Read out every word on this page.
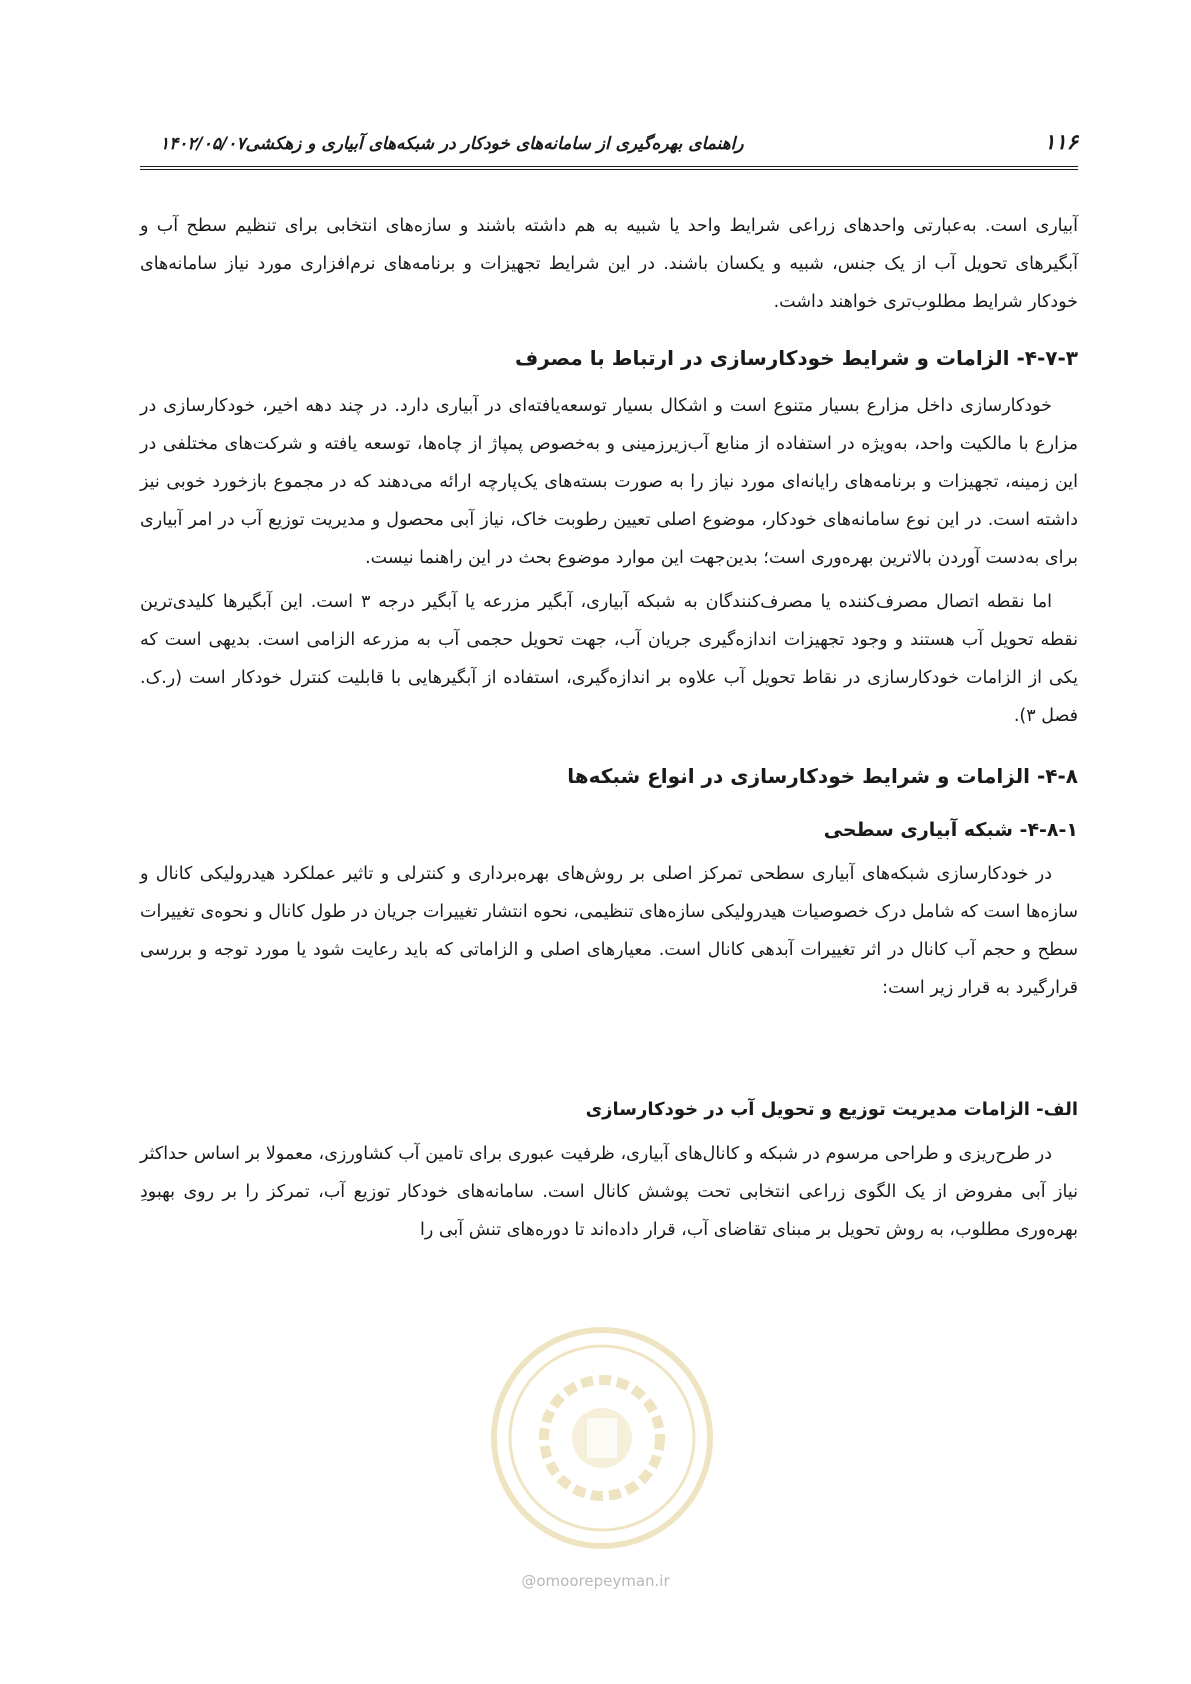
۱۱۶
راهنمای بهره‌گیری از سامانه‌های خودکار در شبکه‌های آبیاری و زهکشی۱۴۰۲/۰۵/۰۷

آبیاری است. به‌عبارتی واحدهای زراعی شرایط واحد یا شبیه به هم داشته باشند و سازه‌های انتخابی برای تنظیم سطح آب و آبگیرهای تحویل آب از یک جنس، شبیه و یکسان باشند. در این شرایط تجهیزات و برنامه‌های نرم‌افزاری مورد نیاز سامانه‌های خودکار شرایط مطلوب‌تری خواهند داشت.

۴-۷-۳- الزامات و شرایط خودکارسازی در ارتباط با مصرف

خودکارسازی داخل مزارع بسیار متنوع است و اشکال بسیار توسعه‌یافته‌ای در آبیاری دارد. در چند دهه اخیر، خودکارسازی در مزارع با مالکیت واحد، به‌ویژه در استفاده از منابع آب‌زیرزمینی و به‌خصوص پمپاژ از چاه‌ها، توسعه یافته و شرکت‌های مختلفی در این زمینه، تجهیزات و برنامه‌های رایانه‌ای مورد نیاز را به صورت بسته‌های یک‌پارچه ارائه می‌دهند که در مجموع بازخورد خوبی نیز داشته است. در این نوع سامانه‌های خودکار، موضوع اصلی تعیین رطوبت خاک، نیاز آبی محصول و مدیریت توزیع آب در امر آبیاری برای به‌دست آوردن بالاترین بهره‌وری است؛ بدین‌جهت این موارد موضوع بحث در این راهنما نیست.

اما نقطه اتصال مصرف‌کننده یا مصرف‌کنندگان به شبکه آبیاری، آبگیر مزرعه یا آبگیر درجه ۳ است. این آبگیرها کلیدی‌ترین نقطه تحویل آب هستند و وجود تجهیزات اندازه‌گیری جریان آب، جهت تحویل حجمی آب به مزرعه الزامی است. بدیهی است که یکی از الزامات خودکارسازی در نقاط تحویل آب علاوه بر اندازه‌گیری، استفاده از آبگیرهایی با قابلیت کنترل خودکار است (ر.ک. فصل ۳).

۴-۸- الزامات و شرایط خودکارسازی در انواع شبکه‌ها
۴-۸-۱- شبکه آبیاری سطحی

در خودکارسازی شبکه‌های آبیاری سطحی تمرکز اصلی بر روش‌های بهره‌برداری و کنترلی و تاثیر عملکرد هیدرولیکی کانال و سازه‌ها است که شامل درک خصوصیات هیدرولیکی سازه‌های تنظیمی، نحوه انتشار تغییرات جریان در طول کانال و نحوه‌ی تغییرات سطح و حجم آب کانال در اثر تغییرات آبدهی کانال است. معیارهای اصلی و الزاماتی که باید رعایت شود یا مورد توجه و بررسی قرارگیرد به قرار زیر است:

الف- الزامات مدیریت توزیع و تحویل آب در خودکارسازی

در طرح‌ریزی و طراحی مرسوم در شبکه و کانال‌های آبیاری، ظرفیت عبوری برای تامین آب کشاورزی، معمولا بر اساس حداکثر نیاز آبی مفروض از یک الگوی زراعی انتخابی تحت پوشش کانال است. سامانه‌های خودکار توزیع آب، تمرکز را بر روی بهبودِ بهره‌وری مطلوب، به روش تحویل بر مبنای تقاضای آب، قرار داده‌اند تا دوره‌های تنش آبی را

@omoorepeyman.ir
